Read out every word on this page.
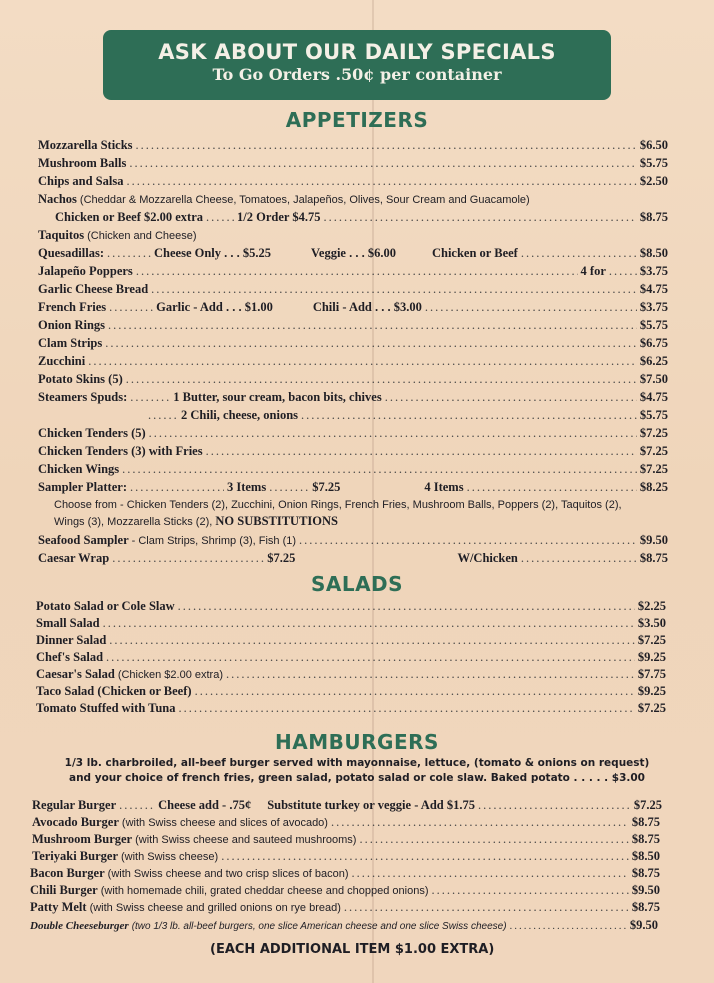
ASK ABOUT OUR DAILY SPECIALS
To Go Orders .50¢ per container
APPETIZERS
Mozzarella Sticks .....	$6.50
Mushroom Balls .....	$5.75
Chips and Salsa .....	$2.50
Nachos (Cheddar & Mozzarella Cheese, Tomatoes, Jalapeños, Olives, Sour Cream and Guacamole)
Chicken or Beef $2.00 extra .....	1/2 Order $4.75 .....	$8.75
Taquitos (Chicken and Cheese)
Quesadillas: .....	Cheese Only . . . $5.25	Veggie . . . $6.00	Chicken or Beef .....	$8.50
Jalapeño Poppers .....	4 for .....	$3.75
Garlic Cheese Bread .....	$4.75
French Fries .....	Garlic - Add . . . $1.00	Chili - Add . . . $3.00 .....	$3.75
Onion Rings .....	$5.75
Clam Strips .....	$6.75
Zucchini .....	$6.25
Potato Skins (5) .....	$7.50
Steamers Spuds: .....	1 Butter, sour cream, bacon bits, chives .....	$4.75
.....
2 Chili, cheese, onions .....	$5.75
Chicken Tenders (5) .....	$7.25
Chicken Tenders (3) with Fries .....	$7.25
Chicken Wings .....	$7.25
Sampler Platter: .....	3 Items .....	$7.25	4 Items .....	$8.25
Choose from - Chicken Tenders (2), Zucchini, Onion Rings, French Fries, Mushroom Balls, Poppers (2), Taquitos (2),
Wings (3), Mozzarella Sticks (2), NO SUBSTITUTIONS
Seafood Sampler - Clam Strips, Shrimp (3), Fish (1) .....	$9.50
Caesar Wrap .....	$7.25	W/Chicken .....	$8.75
SALADS
Potato Salad or Cole Slaw .....	$2.25
Small Salad .....	$3.50
Dinner Salad .....	$7.25
Chef's Salad .....	$9.25
Caesar's Salad (Chicken $2.00 extra) .....	$7.75
Taco Salad (Chicken or Beef) .....	$9.25
Tomato Stuffed with Tuna .....	$7.25
HAMBURGERS
1/3 lb. charbroiled, all-beef burger served with mayonnaise, lettuce, (tomato & onions on request)
and your choice of french fries, green salad, potato salad or cole slaw. Baked potato . . . . . $3.00
Regular Burger .....	Cheese add - .75¢ Substitute turkey or veggie - Add $1.75 .....	$7.25
Avocado Burger (with Swiss cheese and slices of avocado) .....	$8.75
Mushroom Burger (with Swiss cheese and sauteed mushrooms) .....	$8.75
Teriyaki Burger (with Swiss cheese) .....	$8.50
Bacon Burger (with Swiss cheese and two crisp slices of bacon) .....	$8.75
Chili Burger (with homemade chili, grated cheddar cheese and chopped onions) .....	$9.50
Patty Melt (with Swiss cheese and grilled onions on rye bread) .....	$8.75
Double Cheeseburger (two 1/3 lb. all-beef burgers, one slice American cheese and one slice Swiss cheese) .....	$9.50
(EACH ADDITIONAL ITEM $1.00 EXTRA)
